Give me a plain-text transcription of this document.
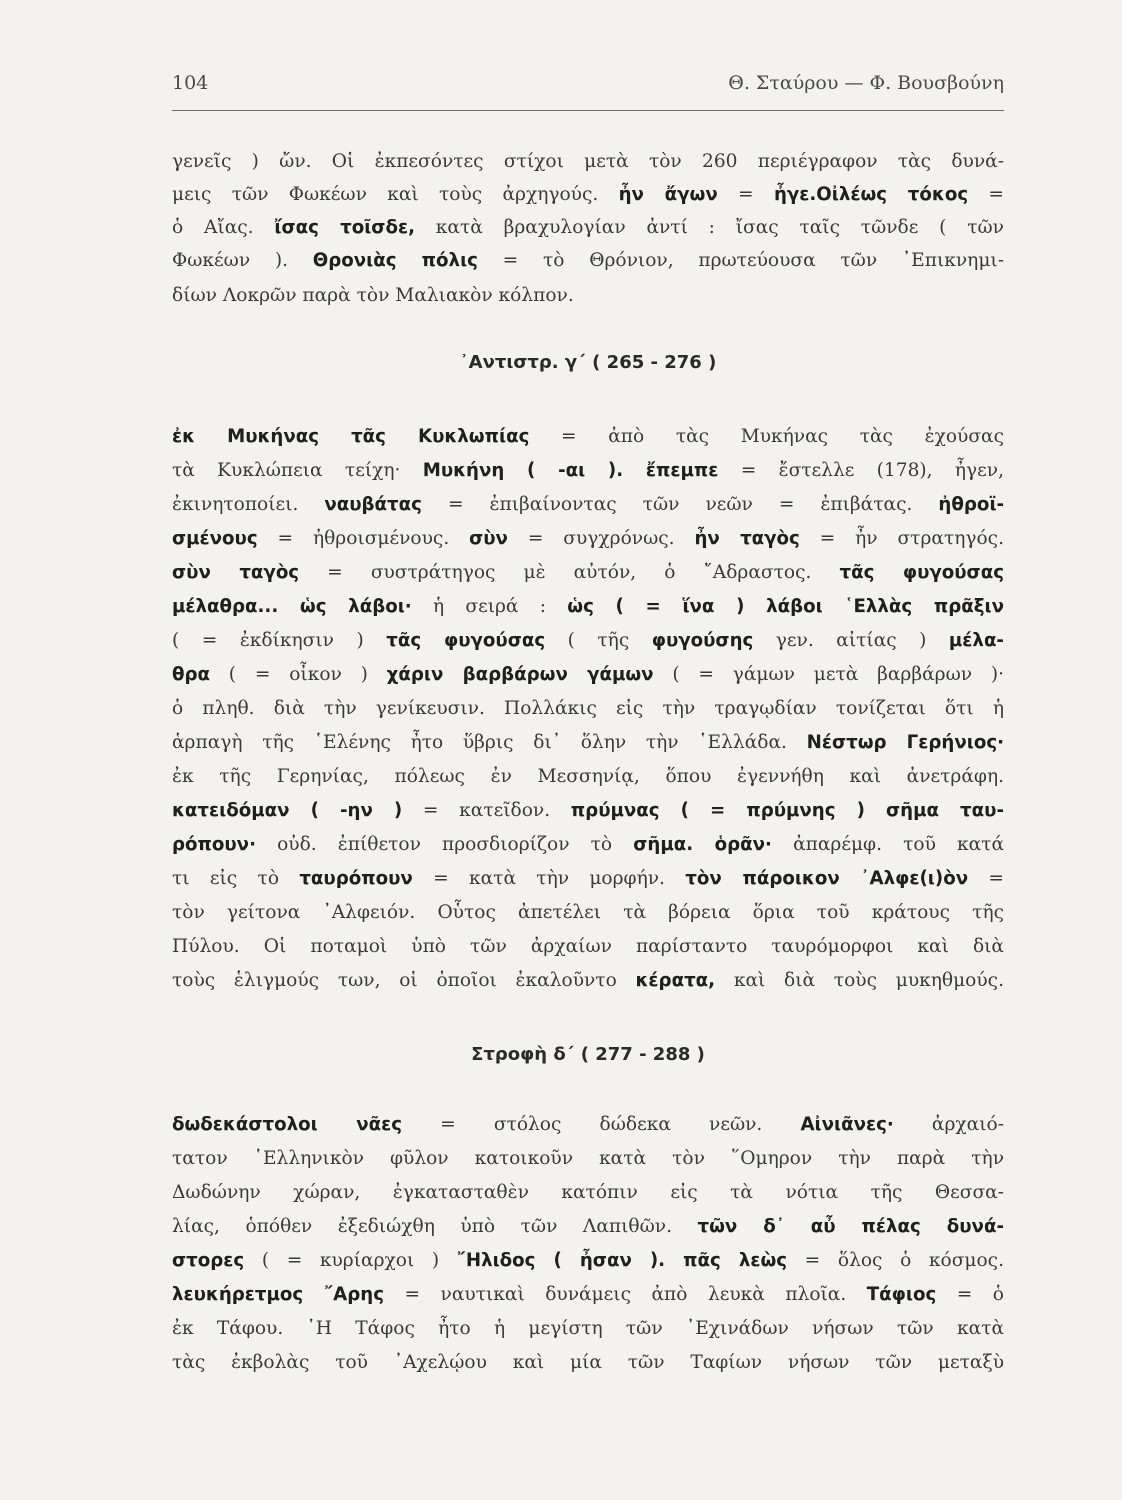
104	Θ. Σταύρου — Φ. Βουσβούνη
γενεῖς ) ὤν. Οἱ ἐκπεσόντες στίχοι μετὰ τὸν 260 περιέγραφον τὰς δυνά-
μεις τῶν Φωκέων καὶ τοὺς ἀρχηγούς. ἦν ἄγων = ἦγε.Οἰλέως τόκος =
ὁ Αἴας. ἴσας τοῖσδε, κατὰ βραχυλογίαν ἀντί : ἴσας ταῖς τῶνδε ( τῶν
Φωκέων ). Θρονιὰς πόλις = τὸ Θρόνιον, πρωτεύουσα τῶν ᾿Επικνημι-
δίων Λοκρῶν παρὰ τὸν Μαλιακὸν κόλπον.
᾿Αντιστρ. γ´ ( 265 - 276 )
ἐκ Μυκήνας τᾶς Κυκλωπίας = ἀπὸ τὰς Μυκήνας τὰς ἐχούσας
τὰ Κυκλώπεια τείχη· Μυκήνη ( -αι ). ἔπεμπε = ἔστελλε (178), ἦγεν,
ἐκινητοποίει. ναυβάτας = ἐπιβαίνοντας τῶν νεῶν = ἐπιβάτας. ἠθροϊ-
σμένους = ἠθροισμένους. σὺν = συγχρόνως. ἦν ταγὸς = ἦν στρατηγός.
σὺν ταγὸς = συστράτηγος μὲ αὐτόν, ὁ ῎Αδραστος. τᾶς φυγούσας
μέλαθρα... ὡς λάβοι· ἡ σειρά : ὡς ( = ἵνα ) λάβοι ῾Ελλὰς πρᾶξιν
( = ἐκδίκησιν ) τᾶς φυγούσας ( τῆς φυγούσης γεν. αἰτίας ) μέλα-
θρα ( = οἶκον ) χάριν βαρβάρων γάμων ( = γάμων μετὰ βαρβάρων )·
ὁ πληθ. διὰ τὴν γενίκευσιν. Πολλάκις εἰς τὴν τραγῳδίαν τονίζεται ὅτι ἡ
ἁρπαγὴ τῆς ῾Ελένης ἦτο ὕβρις δι᾿ ὅλην τὴν ῾Ελλάδα. Νέστωρ Γερήνιος·
ἐκ τῆς Γερηνίας, πόλεως ἐν Μεσσηνίᾳ, ὅπου ἐγεννήθη καὶ ἀνετράφη.
κατειδόμαν ( -ην ) = κατεῖδον. πρύμνας ( = πρύμνης ) σῆμα ταυ-
ρόπουν· οὐδ. ἐπίθετον προσδιορίζον τὸ σῆμα. ὁρᾶν· ἀπαρέμφ. τοῦ κατά
τι εἰς τὸ ταυρόπουν = κατὰ τὴν μορφήν. τὸν πάροικον ᾿Αλφε(ι)ὸν =
τὸν γείτονα ᾿Αλφειόν. Οὗτος ἀπετέλει τὰ βόρεια ὅρια τοῦ κράτους τῆς
Πύλου. Οἱ ποταμοὶ ὑπὸ τῶν ἀρχαίων παρίσταντο ταυρόμορφοι καὶ διὰ
τοὺς ἑλιγμούς των, οἱ ὁποῖοι ἐκαλοῦντο κέρατα, καὶ διὰ τοὺς μυκηθμούς.
Στροφὴ δ´ ( 277 - 288 )
δωδεκάστολοι νᾶες = στόλος δώδεκα νεῶν. Αἰνιᾶνες· ἀρχαιό-
τατον ῾Ελληνικὸν φῦλον κατοικοῦν κατὰ τὸν ῞Ομηρον τὴν παρὰ τὴν
Δωδώνην χώραν, ἐγκατασταθὲν κατόπιν εἰς τὰ νότια τῆς Θεσσα-
λίας, ὁπόθεν ἐξεδιώχθη ὑπὸ τῶν Λαπιθῶν. τῶν δ᾿ αὖ πέλας δυνά-
στορες ( = κυρίαρχοι ) ῎Ηλιδος ( ἦσαν ). πᾶς λεὼς = ὅλος ὁ κόσμος.
λευκήρετμος ῎Αρης = ναυτικαὶ δυνάμεις ἀπὸ λευκὰ πλοῖα. Τάφιος = ὁ
ἐκ Τάφου. ῾Η Τάφος ἦτο ἡ μεγίστη τῶν ᾿Εχινάδων νήσων τῶν κατὰ
τὰς ἐκβολὰς τοῦ ᾿Αχελῴου καὶ μία τῶν Ταφίων νήσων τῶν μεταξὺ
